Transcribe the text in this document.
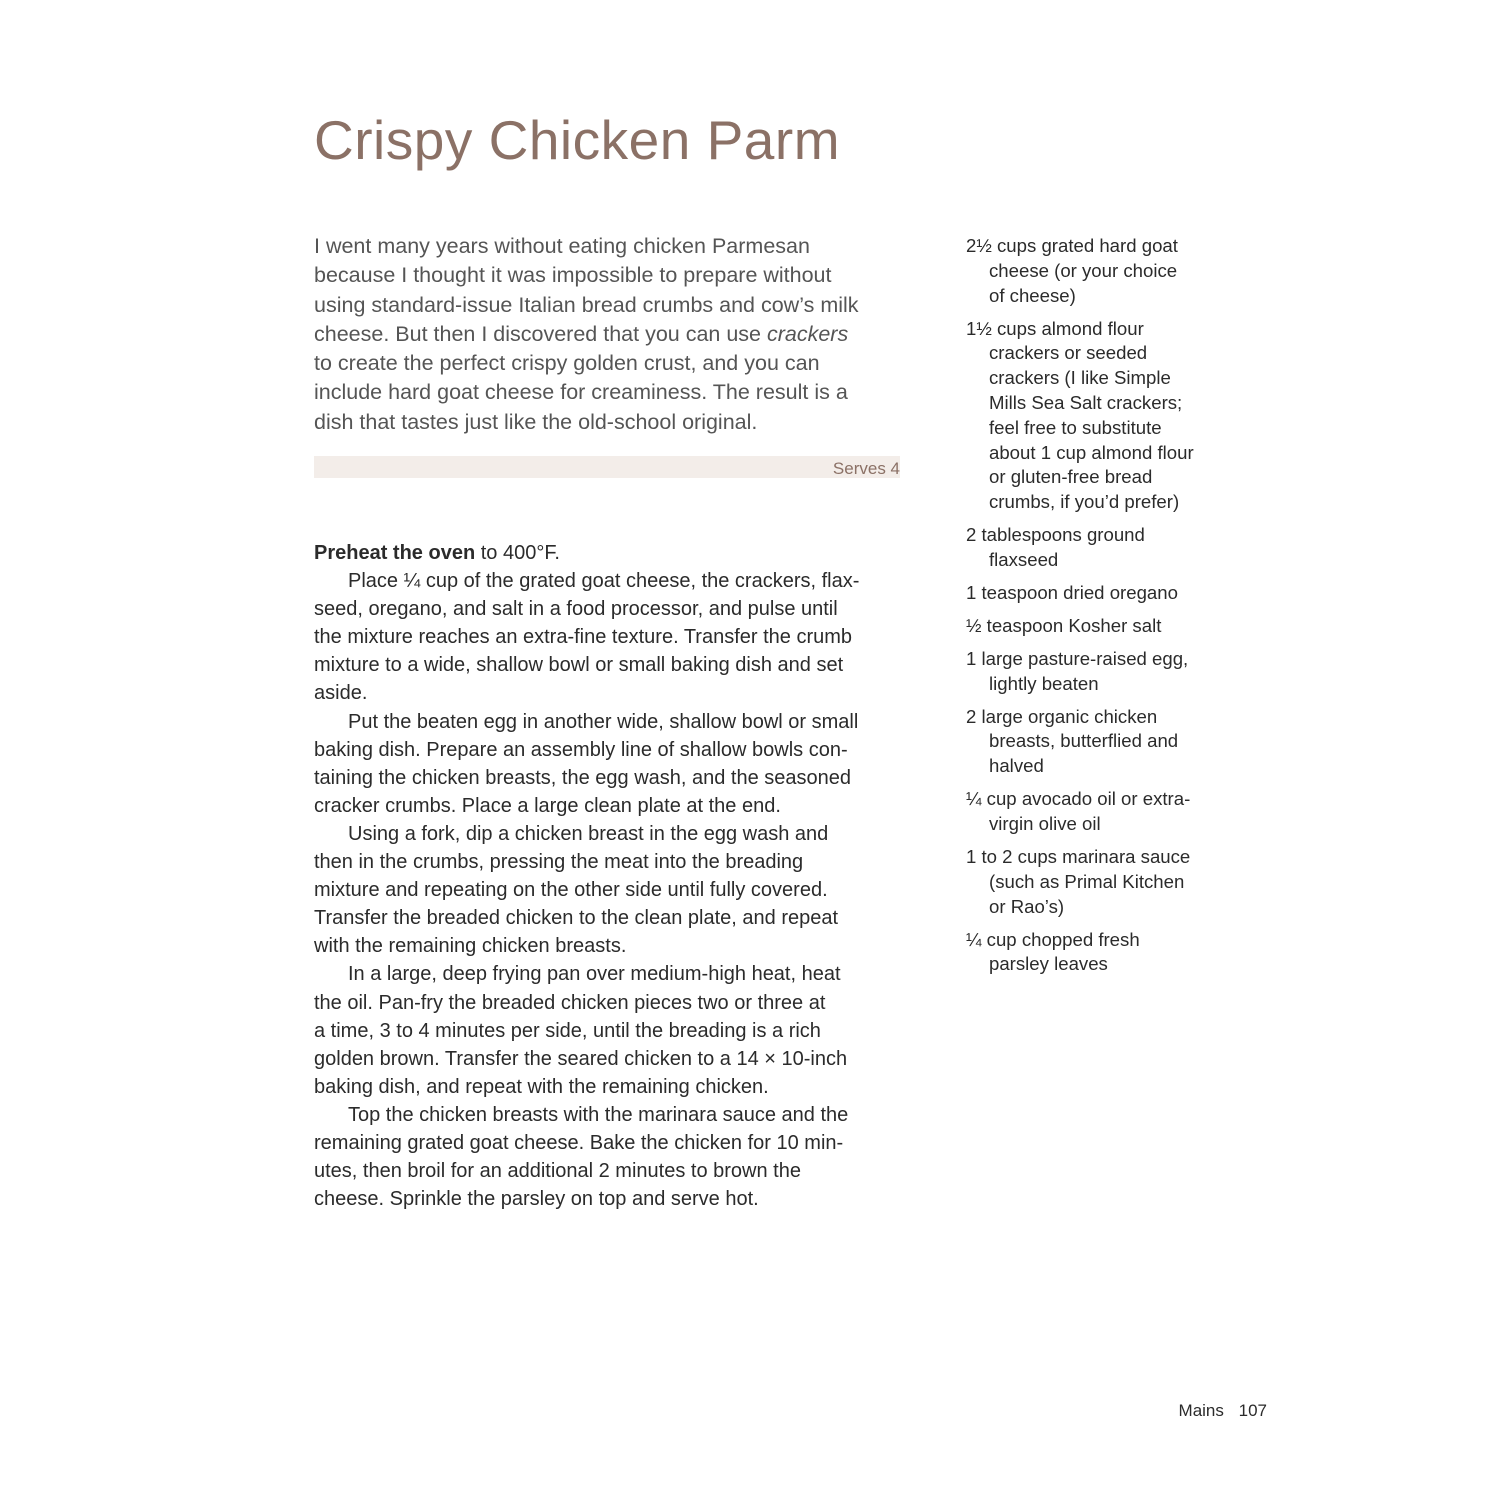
Crispy Chicken Parm

I went many years without eating chicken Parmesan
because I thought it was impossible to prepare without
using standard-issue Italian bread crumbs and cow’s milk
cheese. But then I discovered that you can use crackers
to create the perfect crispy golden crust, and you can
include hard goat cheese for creaminess. The result is a
dish that tastes just like the old-school original.

Serves 4
Preheat the oven to 400°F.
Place ¼ cup of the grated goat cheese, the crackers, flax-
seed, oregano, and salt in a food processor, and pulse until
the mixture reaches an extra-fine texture. Transfer the crumb
mixture to a wide, shallow bowl or small baking dish and set
aside.
Put the beaten egg in another wide, shallow bowl or small
baking dish. Prepare an assembly line of shallow bowls con-
taining the chicken breasts, the egg wash, and the seasoned
cracker crumbs. Place a large clean plate at the end.
Using a fork, dip a chicken breast in the egg wash and
then in the crumbs, pressing the meat into the breading
mixture and repeating on the other side until fully covered.
Transfer the breaded chicken to the clean plate, and repeat
with the remaining chicken breasts.
In a large, deep frying pan over medium-high heat, heat
the oil. Pan-fry the breaded chicken pieces two or three at
a time, 3 to 4 minutes per side, until the breading is a rich
golden brown. Transfer the seared chicken to a 14 × 10-inch
baking dish, and repeat with the remaining chicken.
Top the chicken breasts with the marinara sauce and the
remaining grated goat cheese. Bake the chicken for 10 min-
utes, then broil for an additional 2 minutes to brown the
cheese. Sprinkle the parsley on top and serve hot.
2½ cups grated hard goat
cheese (or your choice
of cheese)
1½ cups almond flour
crackers or seeded
crackers (I like Simple
Mills Sea Salt crackers;
feel free to substitute
about 1 cup almond flour
or gluten-free bread
crumbs, if you’d prefer)
2 tablespoons ground
flaxseed
1 teaspoon dried oregano
½ teaspoon Kosher salt
1 large pasture-raised egg,
lightly beaten
2 large organic chicken
breasts, butterflied and
halved
¼ cup avocado oil or extra-
virgin olive oil
1 to 2 cups marinara sauce
(such as Primal Kitchen
or Rao’s)
¼ cup chopped fresh
parsley leaves
Mains 107
